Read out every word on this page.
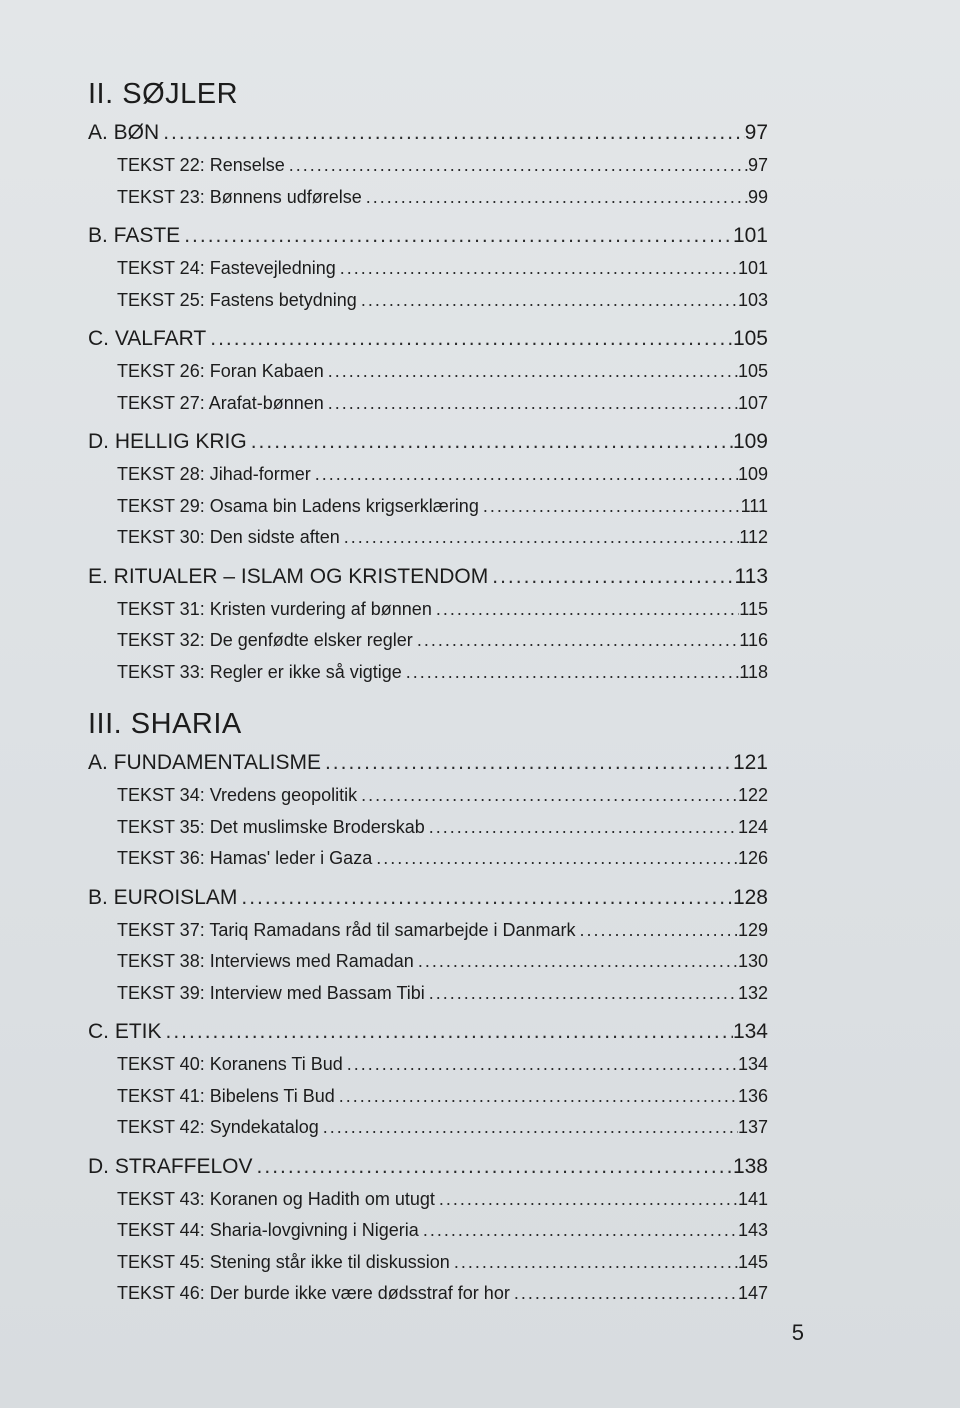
II. SØJLER
A. BØN .....	97
TEKST 22: Renselse .....	97
TEKST 23: Bønnens udførelse .....	99
B. FASTE .....	101
TEKST 24: Fastevejledning .....	101
TEKST 25: Fastens betydning .....	103
C. VALFART .....	105
TEKST 26: Foran Kabaen .....	105
TEKST 27: Arafat-bønnen .....	107
D. HELLIG KRIG .....	109
TEKST 28: Jihad-former .....	109
TEKST 29: Osama bin Ladens krigserklæring .....	111
TEKST 30: Den sidste aften .....	112
E. RITUALER – ISLAM OG KRISTENDOM .....	113
TEKST 31: Kristen vurdering af bønnen .....	115
TEKST 32: De genfødte elsker regler .....	116
TEKST 33: Regler er ikke så vigtige .....	118
III. SHARIA
A. FUNDAMENTALISME .....	121
TEKST 34: Vredens geopolitik .....	122
TEKST 35: Det muslimske Broderskab .....	124
TEKST 36: Hamas' leder i Gaza .....	126
B. EUROISLAM .....	128
TEKST 37: Tariq Ramadans råd til samarbejde i Danmark .....	129
TEKST 38: Interviews med Ramadan .....	130
TEKST 39: Interview med Bassam Tibi .....	132
C. ETIK .....	134
TEKST 40: Koranens Ti Bud .....	134
TEKST 41: Bibelens Ti Bud .....	136
TEKST 42: Syndekatalog .....	137
D. STRAFFELOV .....	138
TEKST 43: Koranen og Hadith om utugt .....	141
TEKST 44: Sharia-lovgivning i Nigeria .....	143
TEKST 45: Stening står ikke til diskussion .....	145
TEKST 46: Der burde ikke være dødsstraf for hor .....	147
5
